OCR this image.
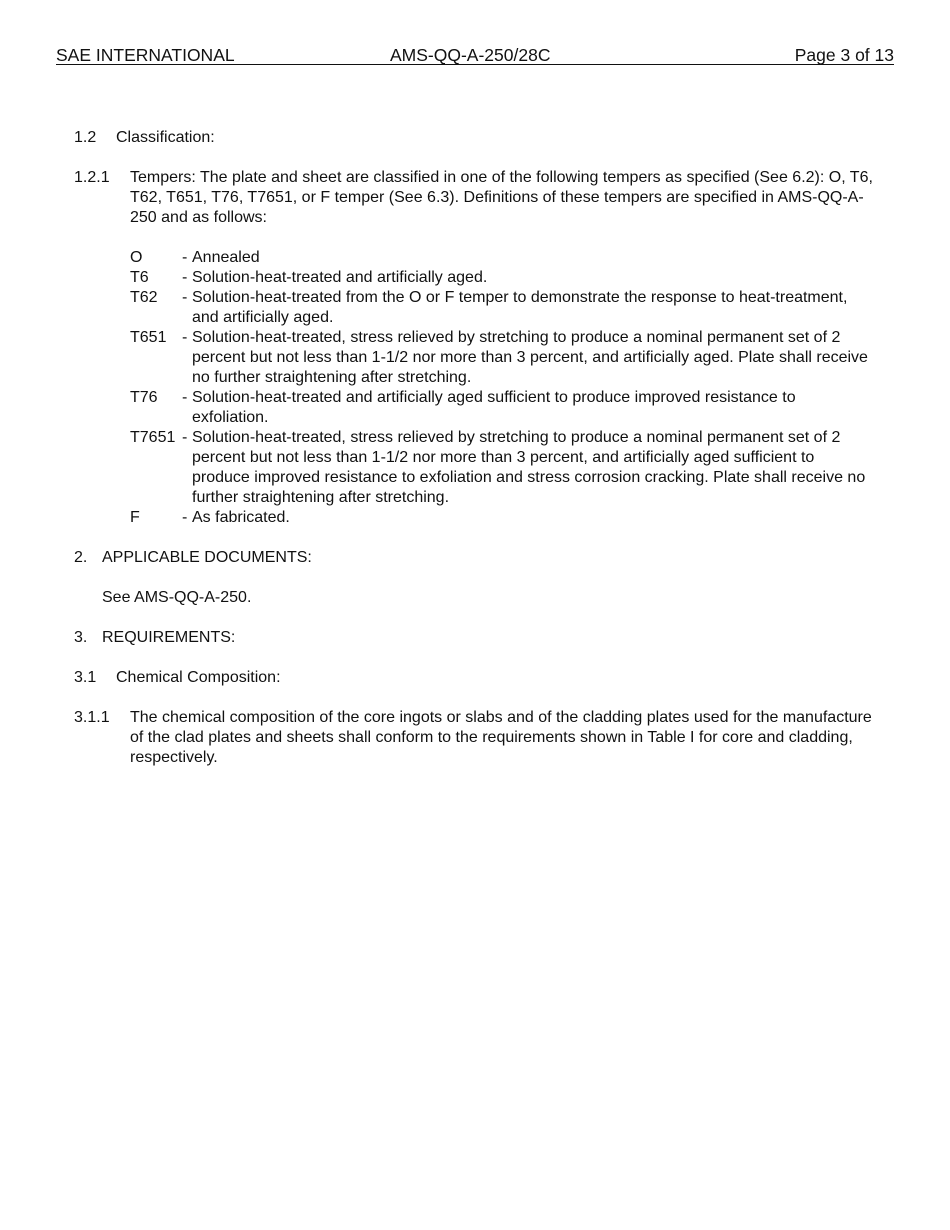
SAE INTERNATIONAL	AMS-QQ-A-250/28C	Page 3 of 13
1.2	Classification:
1.2.1	Tempers: The plate and sheet are classified in one of the following tempers as specified (See 6.2): O, T6, T62, T651, T76, T7651, or F temper (See 6.3). Definitions of these tempers are specified in AMS-QQ-A-250 and as follows:
O	- Annealed
T6	- Solution-heat-treated and artificially aged.
T62	- Solution-heat-treated from the O or F temper to demonstrate the response to heat-treatment, and artificially aged.
T651 - Solution-heat-treated, stress relieved by stretching to produce a nominal permanent set of 2 percent but not less than 1-1/2 nor more than 3 percent, and artificially aged. Plate shall receive no further straightening after stretching.
T76	- Solution-heat-treated and artificially aged sufficient to produce improved resistance to exfoliation.
T7651 - Solution-heat-treated, stress relieved by stretching to produce a nominal permanent set of 2 percent but not less than 1-1/2 nor more than 3 percent, and artificially aged sufficient to produce improved resistance to exfoliation and stress corrosion cracking. Plate shall receive no further straightening after stretching.
F	- As fabricated.
2. APPLICABLE DOCUMENTS:
See AMS-QQ-A-250.
3. REQUIREMENTS:
3.1	Chemical Composition:
3.1.1	The chemical composition of the core ingots or slabs and of the cladding plates used for the manufacture of the clad plates and sheets shall conform to the requirements shown in Table I for core and cladding, respectively.
